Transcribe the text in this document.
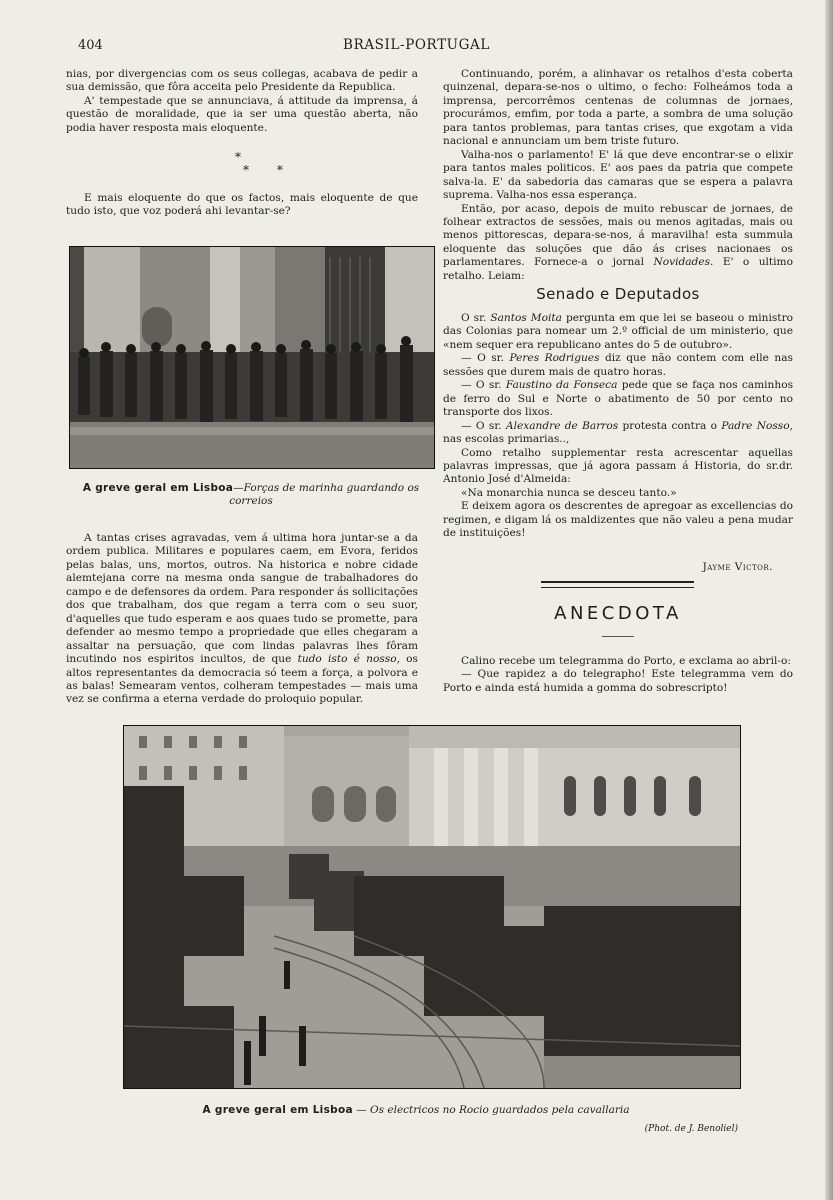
404	BRASIL-PORTUGAL

nias, por divergencias com os seus collegas, acabava de pedir a sua demissão, que fôra acceita pelo Presidente da Republica.

A' tempestade que se annunciava, á attitude da imprensa, á questão de moralidade, que ia ser uma questão aberta, não podia haver resposta mais eloquente.

*
* *

E mais eloquente do que os factos, mais eloquente de que tudo isto, que voz poderá ahi levantar-se?

A greve geral em Lisboa—Forças de marinha guardando os correios

A tantas crises agravadas, vem á ultima hora juntar-se a da ordem publica. Militares e populares caem, em Evora, feridos pelas balas, uns, mortos, outros. Na historica e nobre cidade alemtejana corre na mesma onda sangue de trabalhadores do campo e de defensores da ordem. Para responder ás sollicitações dos que trabalham, dos que regam a terra com o seu suor, d'aquelles que tudo esperam e aos quaes tudo se promette, para defender ao mesmo tempo a propriedade que elles chegaram a assaltar na persuação, que com lindas palavras lhes fôram incutindo nos espiritos incultos, de que tudo isto é nosso, os altos representantes da democracia só teem a força, a polvora e as balas! Semearam ventos, colheram tempestades — mais uma vez se confirma a eterna verdade do proloquio popular.

Continuando, porém, a alinhavar os retalhos d'esta coberta quinzenal, depara-se-nos o ultimo, o fecho: Folheámos toda a imprensa, percorrêmos centenas de columnas de jornaes, procurámos, emfim, por toda a parte, a sombra de uma solução para tantos problemas, para tantas crises, que exgotam a vida nacional e annunciam um bem triste futuro.

Valha-nos o parlamento! E' lá que deve encontrar-se o elixir para tantos males politicos. E' aos paes da patria que compete salva-la. E' da sabedoria das camaras que se espera a palavra suprema. Valha-nos essa esperança.

Então, por acaso, depois de muito rebuscar de jornaes, de folhear extractos de sessões, mais ou menos agitadas, mais ou menos pittorescas, depara-se-nos, á maravilha! esta summula eloquente das soluções que dão ás crises nacionaes os parlamentares. Fornece-a o jornal Novidades. E' o ultimo retalho. Leiam:

Senado e Deputados

O sr. Santos Moita pergunta em que lei se baseou o ministro das Colonias para nomear um 2.º official de um ministerio, que «nem sequer era republicano antes do 5 de outubro».

— O sr. Peres Rodrigues diz que não contem com elle nas sessões que durem mais de quatro horas.

— O sr. Faustino da Fonseca pede que se faça nos caminhos de ferro do Sul e Norte o abatimento de 50 por cento no transporte dos lixos.

— O sr. Alexandre de Barros protesta contra o Padre Nosso, nas escolas primarias..,

Como retalho supplementar resta acrescentar aquellas palavras impressas, que já agora passam á Historia, do sr.dr. Antonio José d'Almeida:

«Na monarchia nunca se desceu tanto.»

E deixem agora os descrentes de apregoar as excellencias do regimen, e digam lá os maldizentes que não valeu a pena mudar de instituições!

Jayme Victor.
ANECDOTA

Calino recebe um telegramma do Porto, e exclama ao abril-o:

— Que rapidez a do telegrapho! Este telegramma vem do Porto e ainda está humida a gomma do sobrescripto!

A greve geral em Lisboa — Os electricos no Rocio guardados pela cavallaria
(Phot. de J. Benoliel)
